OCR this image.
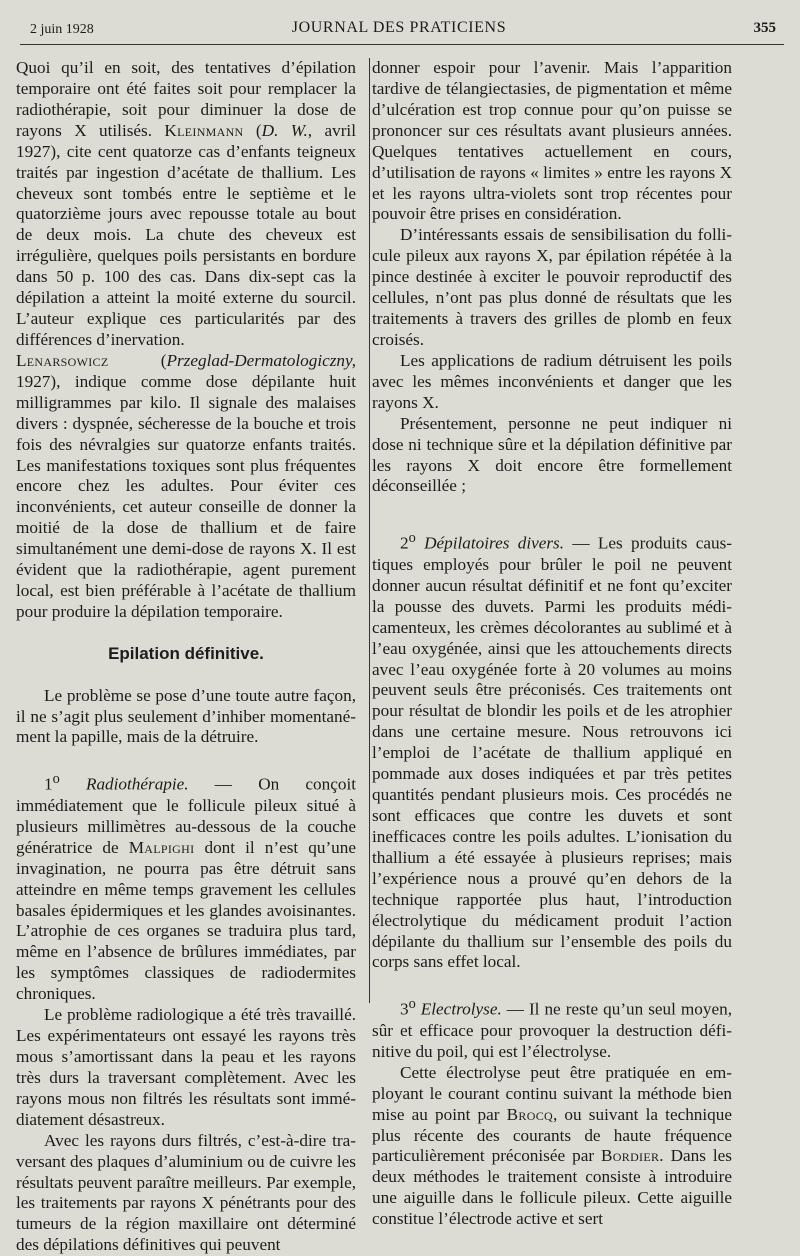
2 juin 1928	JOURNAL DES PRATICIENS	355

Quoi qu’il en soit, des tentatives d’épilation temporaire ont été faites soit pour remplacer la radiothérapie, soit pour diminuer la dose de rayons X utilisés. Kleinmann (D. W., avril 1927), cite cent quatorze cas d’enfants teigneux traités par ingestion d’acétate de thallium. Les cheveux sont tombés entre le septième et le quatorzième jours avec repousse totale au bout de deux mois. La chute des cheveux est irrégulière, quelques poils persistants en bordure dans 50 p. 100 des cas. Dans dix-sept cas la dépilation a atteint la moité externe du sourcil. L’auteur explique ces particularités par des différences d’inervation.

Lenarsowicz (Przeglad-Dermatologiczny, 1927), indique comme dose dépilante huit milligrammes par kilo. Il signale des malaises divers : dyspnée, sécheresse de la bouche et trois fois des névralgies sur quatorze enfants traités. Les manifestations toxiques sont plus fréquentes encore chez les adultes. Pour éviter ces inconvénients, cet auteur conseille de donner la moitié de la dose de thallium et de faire simultanément une demi-dose de rayons X. Il est évident que la radiothérapie, agent purement local, est bien préférable à l’acétate de thallium pour produire la dépilation temporaire.

Epilation définitive.

Le problème se pose d’une toute autre façon, il ne s’agit plus seulement d’inhiber momentanément la papille, mais de la détruire.

1$^o$ Radiothérapie. — On conçoit immédiatement que le follicule pileux situé à plusieurs millimètres au-dessous de la couche génératrice de Malpighi dont il n’est qu’une invagination, ne pourra pas être détruit sans atteindre en même temps gravement les cellules basales épidermiques et les glandes avoisinantes. L’atrophie de ces organes se traduira plus tard, même en l’absence de brûlures immédiates, par les symptômes classiques de radiodermites chroniques.

Le problème radiologique a été très travaillé. Les expérimentateurs ont essayé les rayons très mous s’amortissant dans la peau et les rayons très durs la traversant complètement. Avec les rayons mous non filtrés les résultats sont immédiatement désastreux.

Avec les rayons durs filtrés, c’est-à-dire traversant des plaques d’aluminium ou de cuivre les résultats peuvent paraître meilleurs. Par exemple, les traitements par rayons X pénétrants pour des tumeurs de la région maxillaire ont déterminé des dépilations définitives qui peuvent

donner espoir pour l’avenir. Mais l’apparition tardive de télangiectasies, de pigmentation et même d’ulcération est trop connue pour qu’on puisse se prononcer sur ces résultats avant plusieurs années. Quelques tentatives actuellement en cours, d’utilisation de rayons « limites » entre les rayons X et les rayons ultra-violets sont trop récentes pour pouvoir être prises en considération.

D’intéressants essais de sensibilisation du follicule pileux aux rayons X, par épilation répétée à la pince destinée à exciter le pouvoir reproductif des cellules, n’ont pas plus donné de résultats que les traitements à travers des grilles de plomb en feux croisés.

Les applications de radium détruisent les poils avec les mêmes inconvénients et danger que les rayons X.

Présentement, personne ne peut indiquer ni dose ni technique sûre et la dépilation définitive par les rayons X doit encore être formellement déconseillée ;

2$^o$ Dépilatoires divers. — Les produits caustiques employés pour brûler le poil ne peuvent donner aucun résultat définitif et ne font qu’exciter la pousse des duvets. Parmi les produits médicamenteux, les crèmes décolorantes au sublimé et à l’eau oxygénée, ainsi que les attouchements directs avec l’eau oxygénée forte à 20 volumes au moins peuvent seuls être préconisés. Ces traitements ont pour résultat de blondir les poils et de les atrophier dans une certaine mesure. Nous retrouvons ici l’emploi de l’acétate de thallium appliqué en pommade aux doses indiquées et par très petites quantités pendant plusieurs mois. Ces procédés ne sont efficaces que contre les duvets et sont inefficaces contre les poils adultes. L’ionisation du thallium a été essayée à plusieurs reprises; mais l’expérience nous a prouvé qu’en dehors de la technique rapportée plus haut, l’introduction électrolytique du médicament produit l’action dépilante du thallium sur l’ensemble des poils du corps sans effet local.

3$^o$ Electrolyse. — Il ne reste qu’un seul moyen, sûr et efficace pour provoquer la destruction définitive du poil, qui est l’électrolyse.

Cette électrolyse peut être pratiquée en employant le courant continu suivant la méthode bien mise au point par Brocq, ou suivant la technique plus récente des courants de haute fréquence particulièrement préconisée par Bordier. Dans les deux méthodes le traitement consiste à introduire une aiguille dans le follicule pileux. Cette aiguille constitue l’électrode active et sert
